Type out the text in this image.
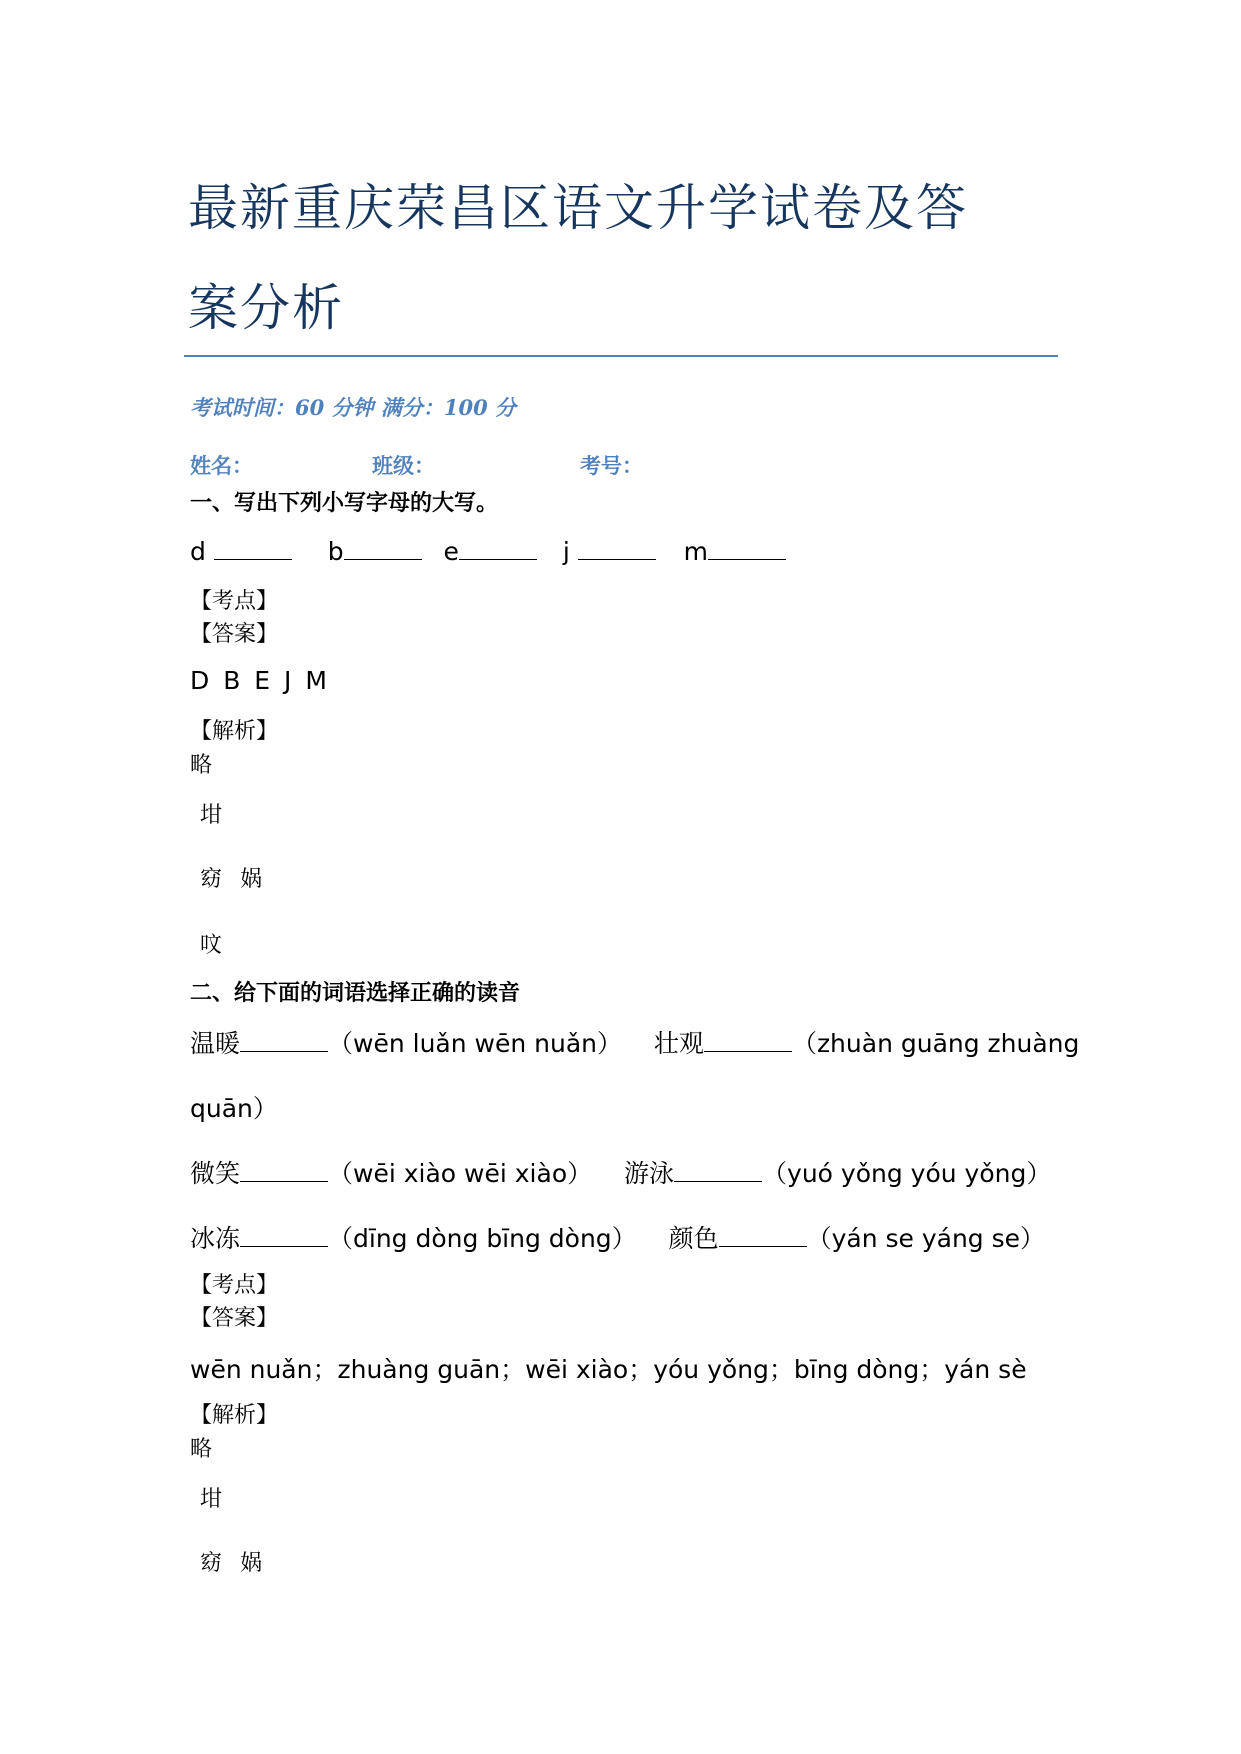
最新重庆荣昌区语文升学试卷及答
案分析
考试时间：60 分钟 满分：100 分
姓名：	班级：	考号：
一、写出下列小写字母的大写。
d	b	e	j	m
【考点】
【答案】
D B E J M
【解析】
略
坩
窈 娲
呅
二、给下面的词语选择正确的读音
温暖	（wēn luǎn wēn nuǎn） 壮观	（zhuàn guāng zhuàng
quān）
微笑	（wēi xiào wēi xiào） 游泳	（yuó yǒng yóu yǒng）
冰冻	（dīng dòng bīng dòng） 颜色	（yán se yáng se）
【考点】
【答案】
wēn nuǎn；zhuàng guān；wēi xiào；yóu yǒng；bīng dòng；yán sè
【解析】
略
坩
窈 娲
